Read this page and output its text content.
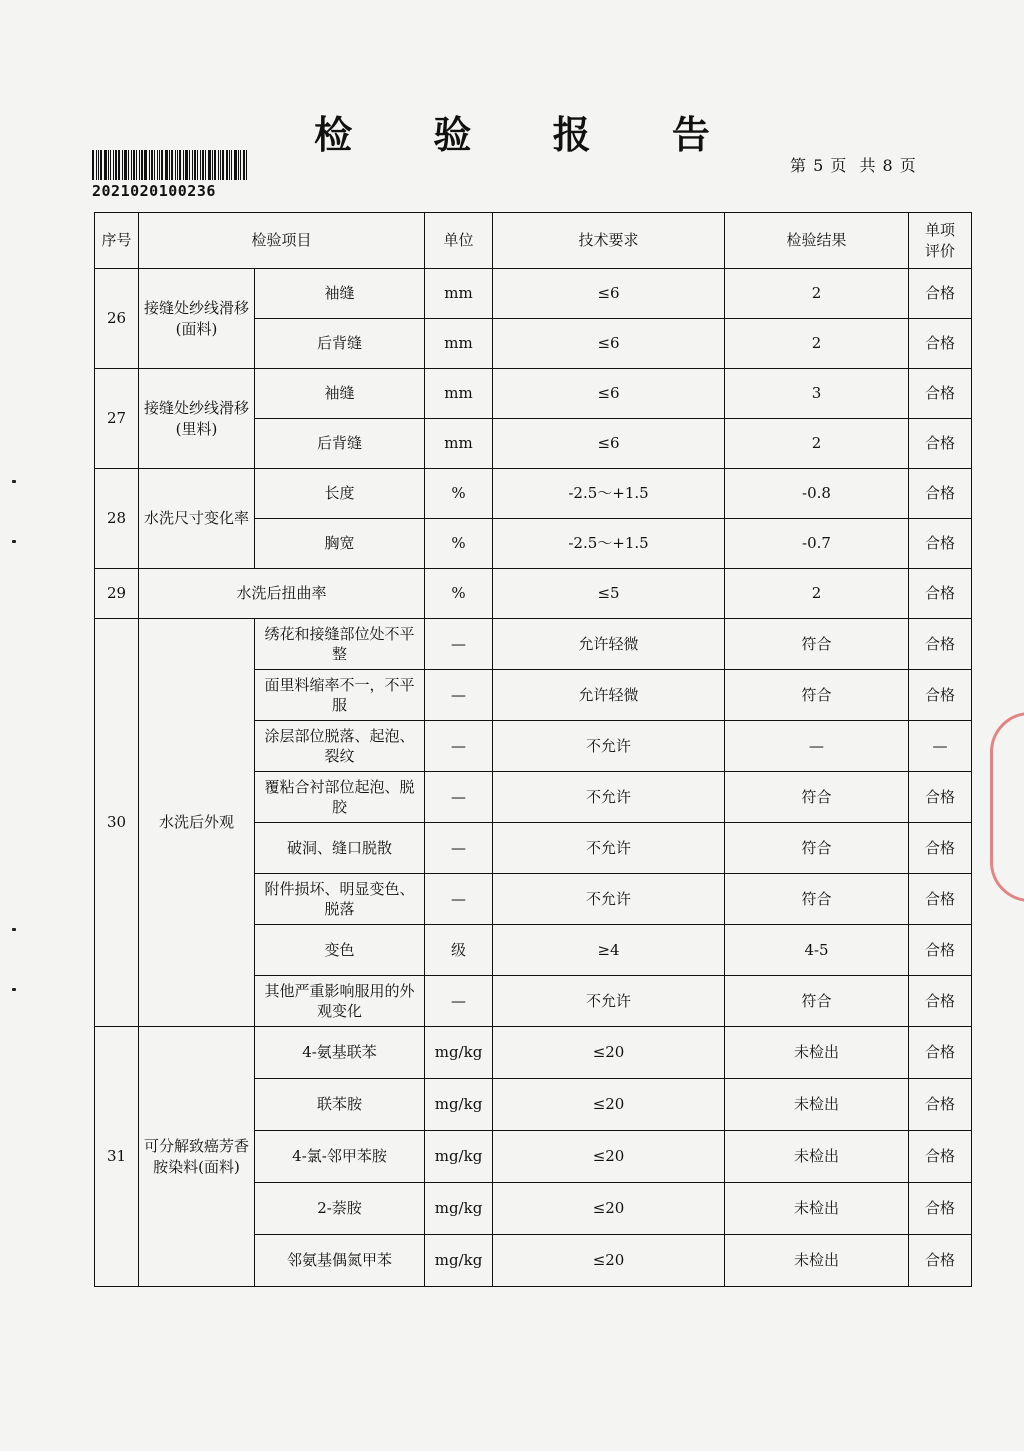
检 验 报 告
2021020100236
第 5 页 共 8 页
序号	检验项目		单位	技术要求	检验结果	单项
评价
26	接缝处纱线滑移(面料)	袖缝	mm	≤6	2	合格
		后背缝	mm	≤6	2	合格
27	接缝处纱线滑移(里料)	袖缝	mm	≤6	3	合格
		后背缝	mm	≤6	2	合格
28	水洗尺寸变化率	长度	%	-2.5～+1.5	-0.8	合格
		胸宽	%	-2.5～+1.5	-0.7	合格
29	水洗后扭曲率		%	≤5	2	合格
30	水洗后外观	绣花和接缝部位处不平整	—	允许轻微	符合	合格
		面里料缩率不一，不平服	—	允许轻微	符合	合格
		涂层部位脱落、起泡、裂纹	—	不允许	—	—
		覆粘合衬部位起泡、脱胶	—	不允许	符合	合格
		破洞、缝口脱散	—	不允许	符合	合格
		附件损坏、明显变色、脱落	—	不允许	符合	合格
		变色	级	≥4	4-5	合格
		其他严重影响服用的外观变化	—	不允许	符合	合格
31	可分解致癌芳香胺染料(面料)	4-氨基联苯	mg/kg	≤20	未检出	合格
		联苯胺	mg/kg	≤20	未检出	合格
		4-氯-邻甲苯胺	mg/kg	≤20	未检出	合格
		2-萘胺	mg/kg	≤20	未检出	合格
		邻氨基偶氮甲苯	mg/kg	≤20	未检出	合格
